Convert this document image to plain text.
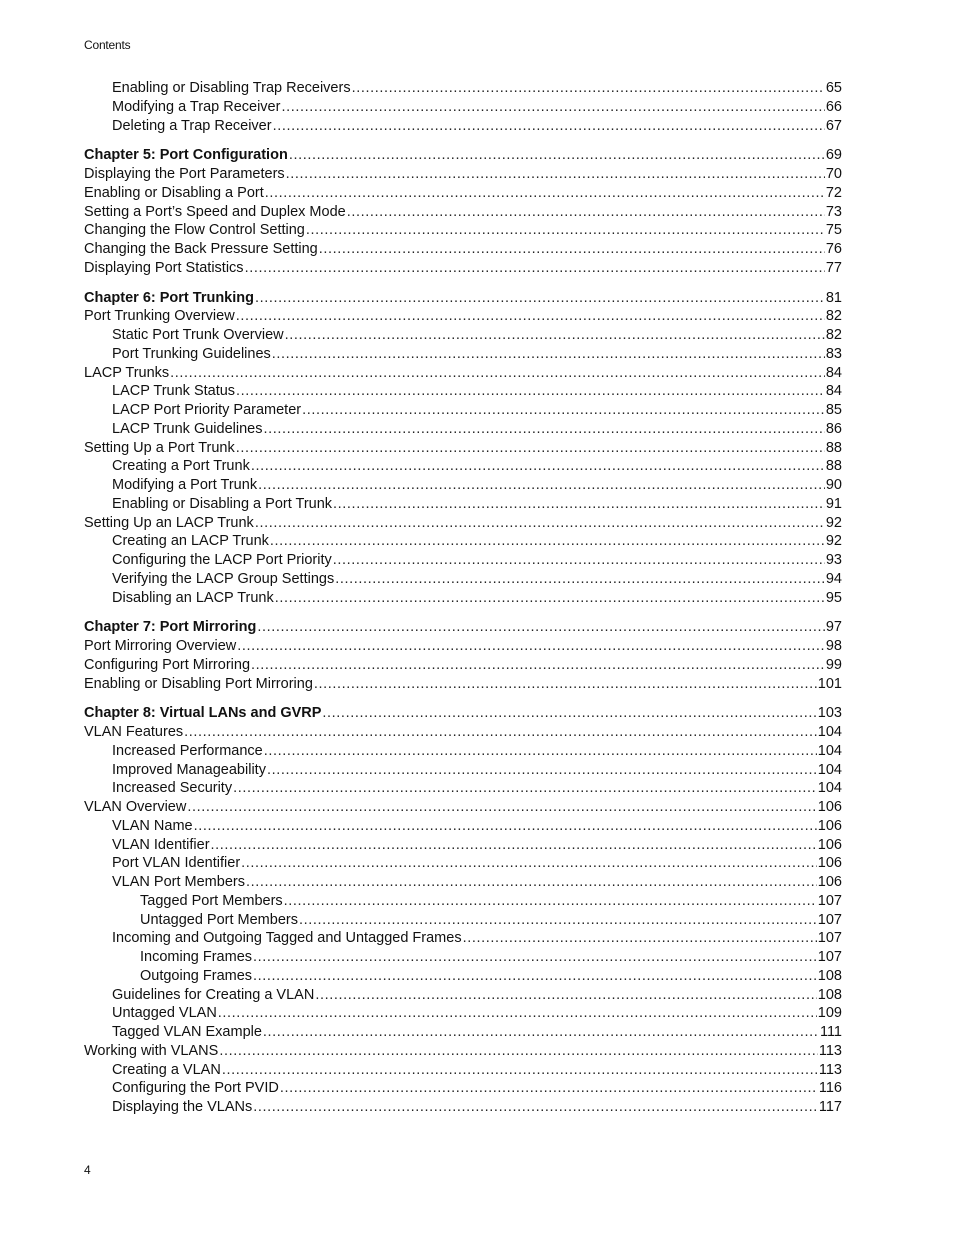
Contents
Enabling or Disabling Trap Receivers .....	65
Modifying a Trap Receiver .....	66
Deleting a Trap Receiver .....	67
Chapter 5: Port Configuration .....	69
Displaying the Port Parameters .....	70
Enabling or Disabling a Port .....	72
Setting a Port’s Speed and Duplex Mode .....	73
Changing the Flow Control Setting .....	75
Changing the Back Pressure Setting .....	76
Displaying Port Statistics .....	77
Chapter 6: Port Trunking .....	81
Port Trunking Overview .....	82
Static Port Trunk Overview .....	82
Port Trunking Guidelines .....	83
LACP Trunks .....	84
LACP Trunk Status .....	84
LACP Port Priority Parameter .....	85
LACP Trunk Guidelines .....	86
Setting Up a Port Trunk .....	88
Creating a Port Trunk .....	88
Modifying a Port Trunk .....	90
Enabling or Disabling a Port Trunk .....	91
Setting Up an LACP Trunk .....	92
Creating an LACP Trunk .....	92
Configuring the LACP Port Priority .....	93
Verifying the LACP Group Settings .....	94
Disabling an LACP Trunk .....	95
Chapter 7: Port Mirroring .....	97
Port Mirroring Overview .....	98
Configuring Port Mirroring .....	99
Enabling or Disabling Port Mirroring .....	101
Chapter 8: Virtual LANs and GVRP .....	103
VLAN Features .....	104
Increased Performance .....	104
Improved Manageability .....	104
Increased Security .....	104
VLAN Overview .....	106
VLAN Name .....	106
VLAN Identifier .....	106
Port VLAN Identifier .....	106
VLAN Port Members .....	106
Tagged Port Members .....	107
Untagged Port Members .....	107
Incoming and Outgoing Tagged and Untagged Frames .....	107
Incoming Frames .....	107
Outgoing Frames .....	108
Guidelines for Creating a VLAN .....	108
Untagged VLAN .....	109
Tagged VLAN Example .....	111
Working with VLANS .....	113
Creating a VLAN .....	113
Configuring the Port PVID .....	116
Displaying the VLANs .....	117
4
